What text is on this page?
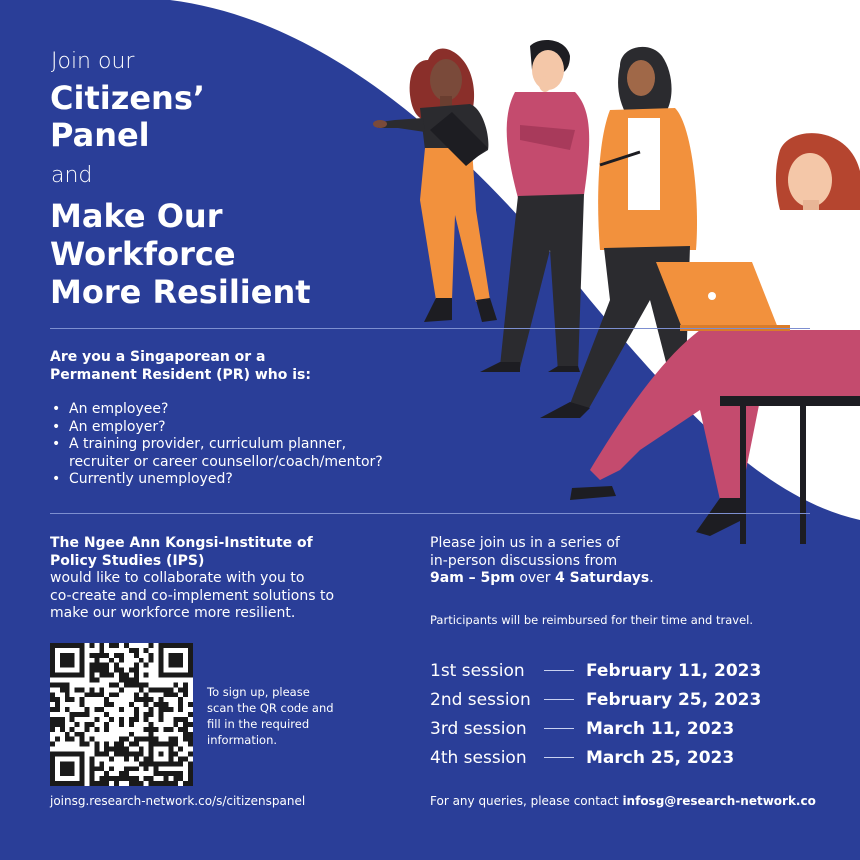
Join our
Citizens’
Panel
and
Make Our
Workforce
More Resilient
Are you a Singaporean or a
Permanent Resident (PR) who is:
• An employee?
• An employer?
• A training provider, curriculum planner,
recruiter or career counsellor/coach/mentor?
• Currently unemployed?
The Ngee Ann Kongsi-Institute of
Policy Studies (IPS)
would like to collaborate with you to
co-create and co-implement solutions to
make our workforce more resilient.
To sign up, please
scan the QR code and
fill in the required
information.
joinsg.research-network.co/s/citizenspanel
Please join us in a series of
in-person discussions from
9am – 5pm over 4 Saturdays.
Participants will be reimbursed for their time and travel.
1st session	February 11, 2023
2nd session	February 25, 2023
3rd session	March 11, 2023
4th session	March 25, 2023
For any queries, please contact infosg@research-network.co
